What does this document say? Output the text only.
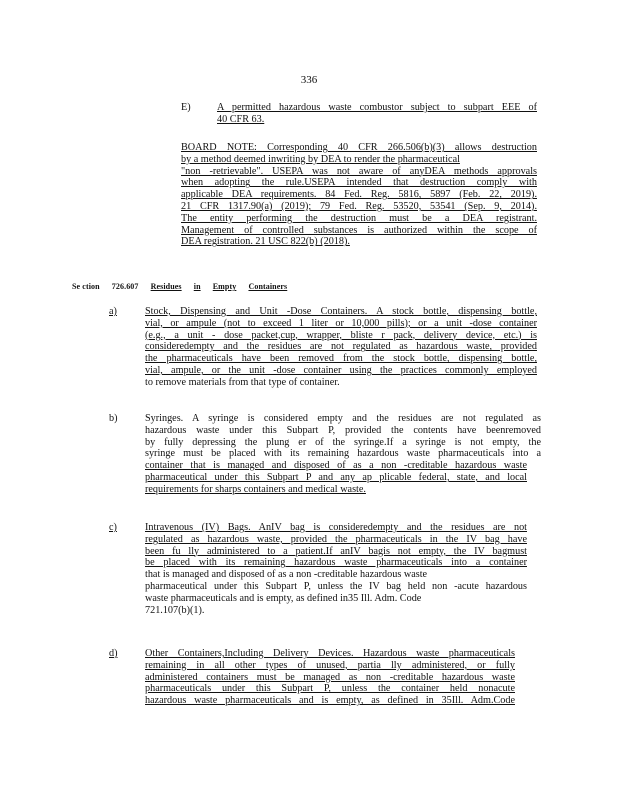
336
E)	A permitted hazardous waste combustor subject to subpart EEE of
40 CFR 63.
BOARD NOTE: Corresponding 40 CFR 266.506(b)(3) allows destruction
by a method deemed inwriting by DEA to render the pharmaceutical
"non -retrievable". USEPA was not aware of anyDEA methods approvals
when adopting the rule.USEPA intended that destruction comply with
applicable DEA requirements. 84 Fed. Reg. 5816, 5897 (Feb. 22, 2019).
21 CFR 1317.90(a) (2019); 79 Fed. Reg. 53520, 53541 (Sep. 9, 2014).
The entity performing the destruction must be a DEA registrant.
Management of controlled substances is authorized within the scope of
DEA registration. 21 USC 822(b) (2018).
Se ction 726.607 Residues in Empty Containers
a)	Stock, Dispensing and Unit -Dose Containers. A stock bottle, dispensing bottle,
vial, or ampule (not to exceed 1 liter or 10,000 pills); or a unit -dose container
(e.g., a unit - dose packet,cup, wrapper, bliste r pack, delivery device, etc.) is
consideredempty and the residues are not regulated as hazardous waste, provided
the pharmaceuticals have been removed from the stock bottle, dispensing bottle,
vial, ampule, or the unit -dose container using the practices commonly employed
to remove materials from that type of container.
b)	Syringes. A syringe is considered empty and the residues are not regulated as
hazardous waste under this Subpart P, provided the contents have beenremoved
by fully depressing the plung er of the syringe.If a syringe is not empty, the
syringe must be placed with its remaining hazardous waste pharmaceuticals into a
container that is managed and disposed of as a non -creditable hazardous waste
pharmaceutical under this Subpart P and any ap plicable federal, state, and local
requirements for sharps containers and medical waste.
c)	Intravenous (IV) Bags. AnIV bag is consideredempty and the residues are not
regulated as hazardous waste, provided the pharmaceuticals in the IV bag have
been fu lly administered to a patient.If anIV bagis not empty, the IV bagmust
be placed with its remaining hazardous waste pharmaceuticals into a container
that is managed and disposed of as a non -creditable hazardous waste
pharmaceutical under this Subpart P, unless the IV bag held non -acute hazardous
waste pharmaceuticals and is empty, as defined in35 Ill. Adm. Code
721.107(b)(1).
d)	Other Containers,Including Delivery Devices. Hazardous waste pharmaceuticals
remaining in all other types of unused, partia lly administered, or fully
administered containers must be managed as non -creditable hazardous waste
pharmaceuticals under this Subpart P, unless the container held nonacute
hazardous waste pharmaceuticals and is empty, as defined in 35Ill. Adm.Code
